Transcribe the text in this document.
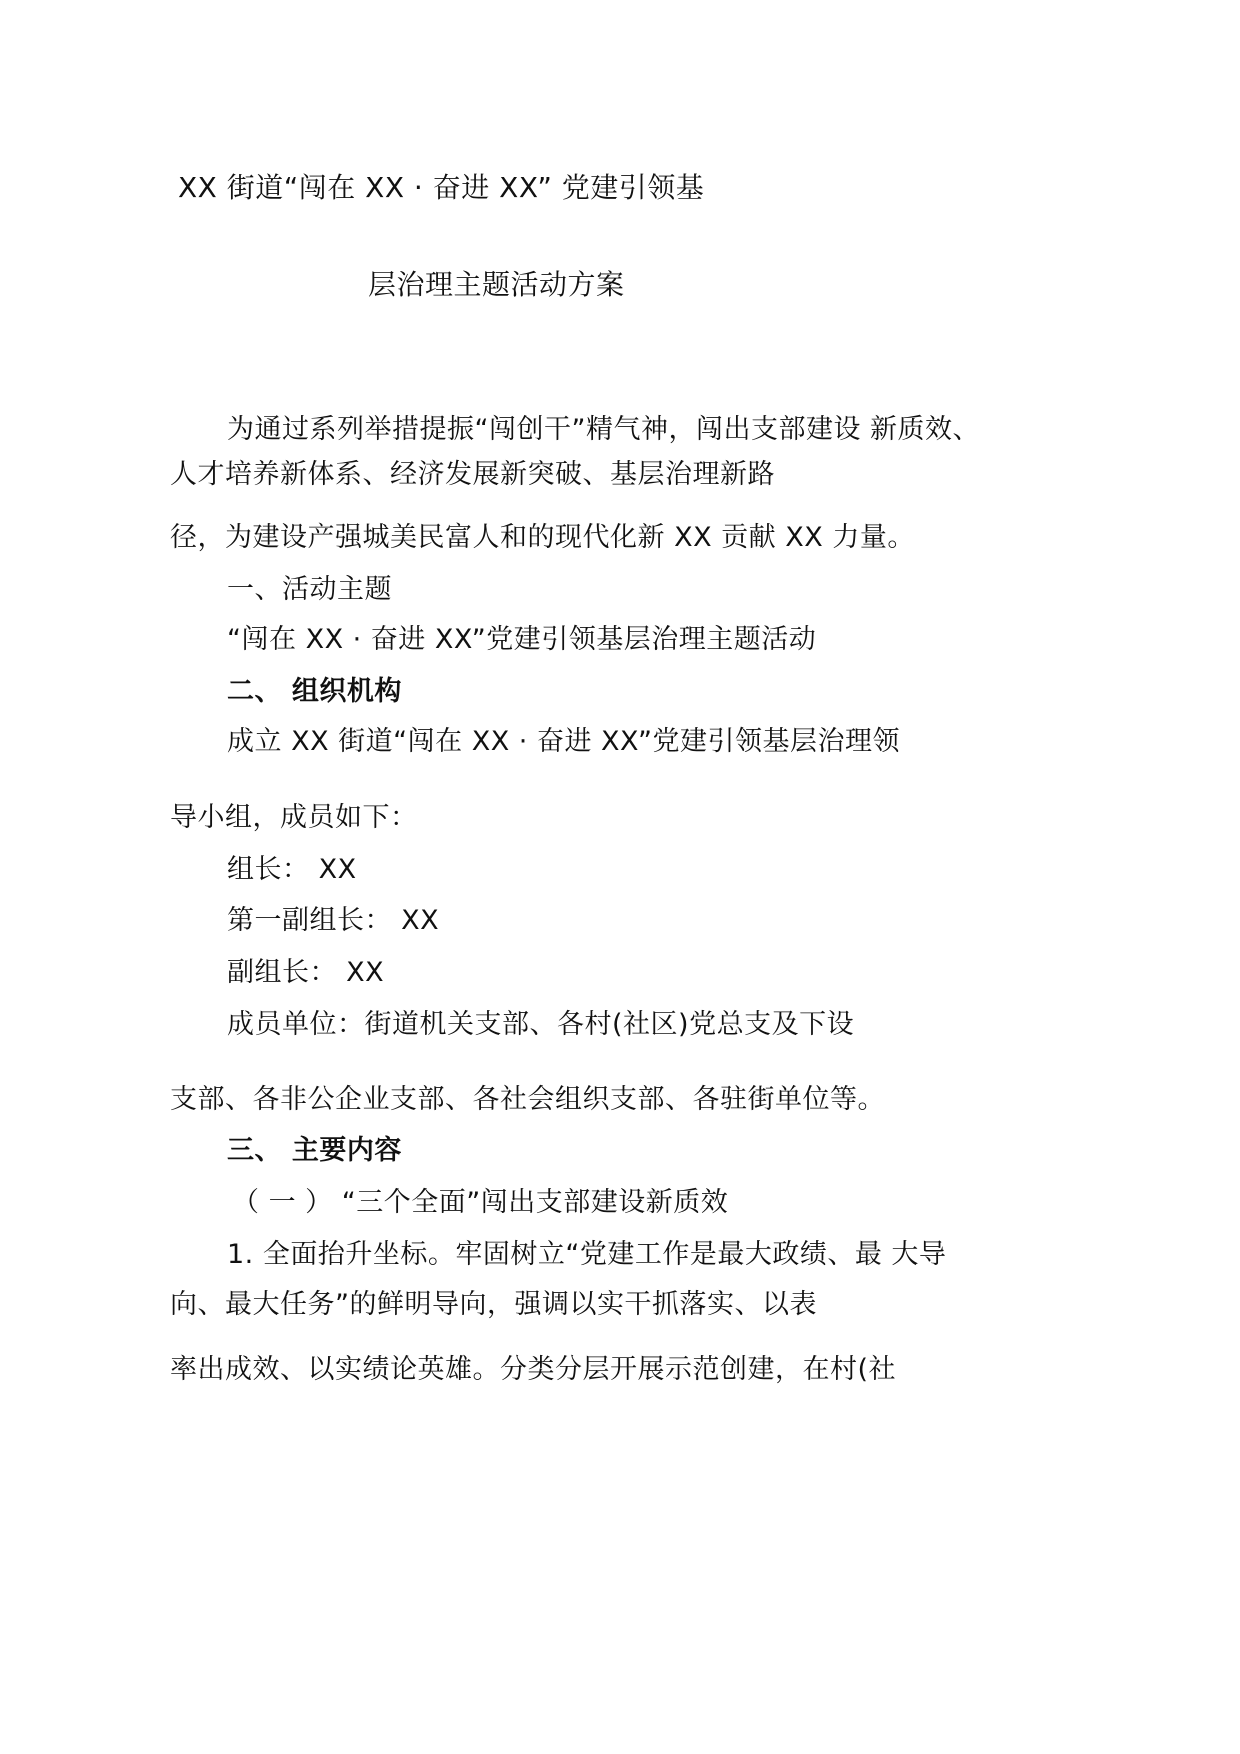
XX 街道“闯在 XX · 奋进 XX” 党建引领基
层治理主题活动方案
为通过系列举措提振“闯创干”精气神，闯出支部建设 新质效、
人才培养新体系、经济发展新突破、基层治理新路
径，为建设产强城美民富人和的现代化新 XX 贡献 XX 力量。
一、活动主题
“闯在 XX · 奋进 XX”党建引领基层治理主题活动
二、 组织机构
成立 XX 街道“闯在 XX · 奋进 XX”党建引领基层治理领
导小组，成员如下：
组长： XX
第一副组长： XX
副组长： XX
成员单位：街道机关支部、各村(社区)党总支及下设
支部、各非公企业支部、各社会组织支部、各驻街单位等。
三、 主要内容
（ 一 ） “三个全面”闯出支部建设新质效
1. 全面抬升坐标。牢固树立“党建工作是最大政绩、最 大导
向、最大任务”的鲜明导向，强调以实干抓落实、以表
率出成效、以实绩论英雄。分类分层开展示范创建，在村(社
